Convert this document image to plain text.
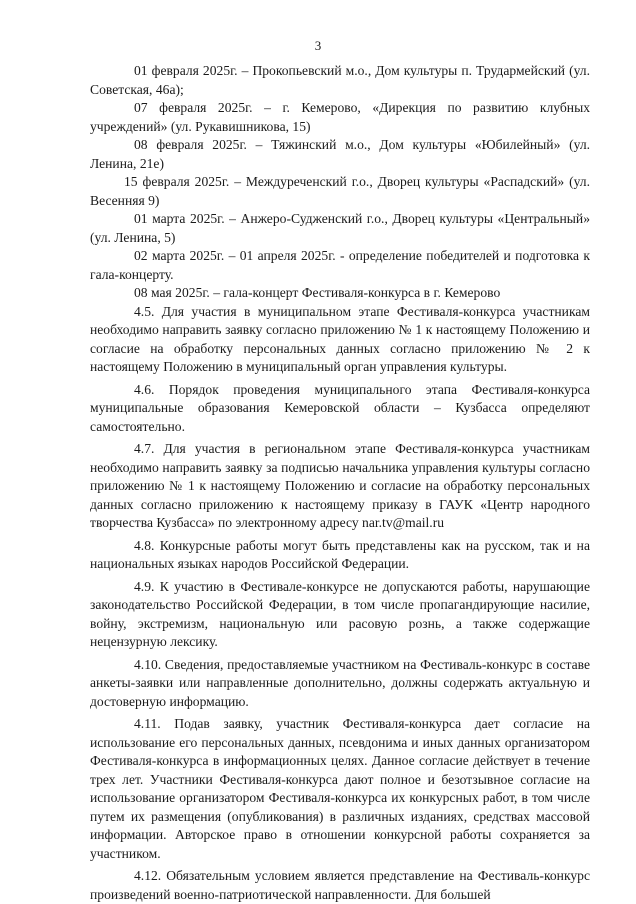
3

01 февраля 2025г. – Прокопьевский м.о., Дом культуры п. Трудармейский (ул. Советская, 46а);

07 февраля 2025г. – г. Кемерово, «Дирекция по развитию клубных учреждений» (ул. Рукавишникова, 15)

08 февраля 2025г. – Тяжинский м.о., Дом культуры «Юбилейный» (ул. Ленина, 21е)

15 февраля 2025г. – Междуреченский г.о., Дворец культуры «Распадский» (ул. Весенняя 9)

01 марта 2025г. – Анжеро-Судженский г.о., Дворец культуры «Центральный» (ул. Ленина, 5)

02 марта 2025г. – 01 апреля 2025г. - определение победителей и подготовка к гала-концерту.

08 мая 2025г. – гала-концерт Фестиваля-конкурса в г. Кемерово

4.5. Для участия в муниципальном этапе Фестиваля-конкурса участникам необходимо направить заявку согласно приложению № 1 к настоящему Положению и согласие на обработку персональных данных согласно приложению № 2 к настоящему Положению в муниципальный орган управления культуры.

4.6. Порядок проведения муниципального этапа Фестиваля-конкурса муниципальные образования Кемеровской области – Кузбасса определяют самостоятельно.

4.7. Для участия в региональном этапе Фестиваля-конкурса участникам необходимо направить заявку за подписью начальника управления культуры согласно приложению № 1 к настоящему Положению и согласие на обработку персональных данных согласно приложению к настоящему приказу в ГАУК «Центр народного творчества Кузбасса» по электронному адресу nar.tv@mail.ru

4.8. Конкурсные работы могут быть представлены как на русском, так и на национальных языках народов Российской Федерации.

4.9. К участию в Фестивале-конкурсе не допускаются работы, нарушающие законодательство Российской Федерации, в том числе пропагандирующие насилие, войну, экстремизм, национальную или расовую рознь, а также содержащие нецензурную лексику.

4.10. Сведения, предоставляемые участником на Фестиваль-конкурс в составе анкеты-заявки или направленные дополнительно, должны содержать актуальную и достоверную информацию.

4.11. Подав заявку, участник Фестиваля-конкурса дает согласие на использование его персональных данных, псевдонима и иных данных организатором Фестиваля-конкурса в информационных целях. Данное согласие действует в течение трех лет. Участники Фестиваля-конкурса дают полное и безотзывное согласие на использование организатором Фестиваля-конкурса их конкурсных работ, в том числе путем их размещения (опубликования) в различных изданиях, средствах массовой информации. Авторское право в отношении конкурсной работы сохраняется за участником.

4.12. Обязательным условием является представление на Фестиваль-конкурс произведений военно-патриотической направленности. Для большей
